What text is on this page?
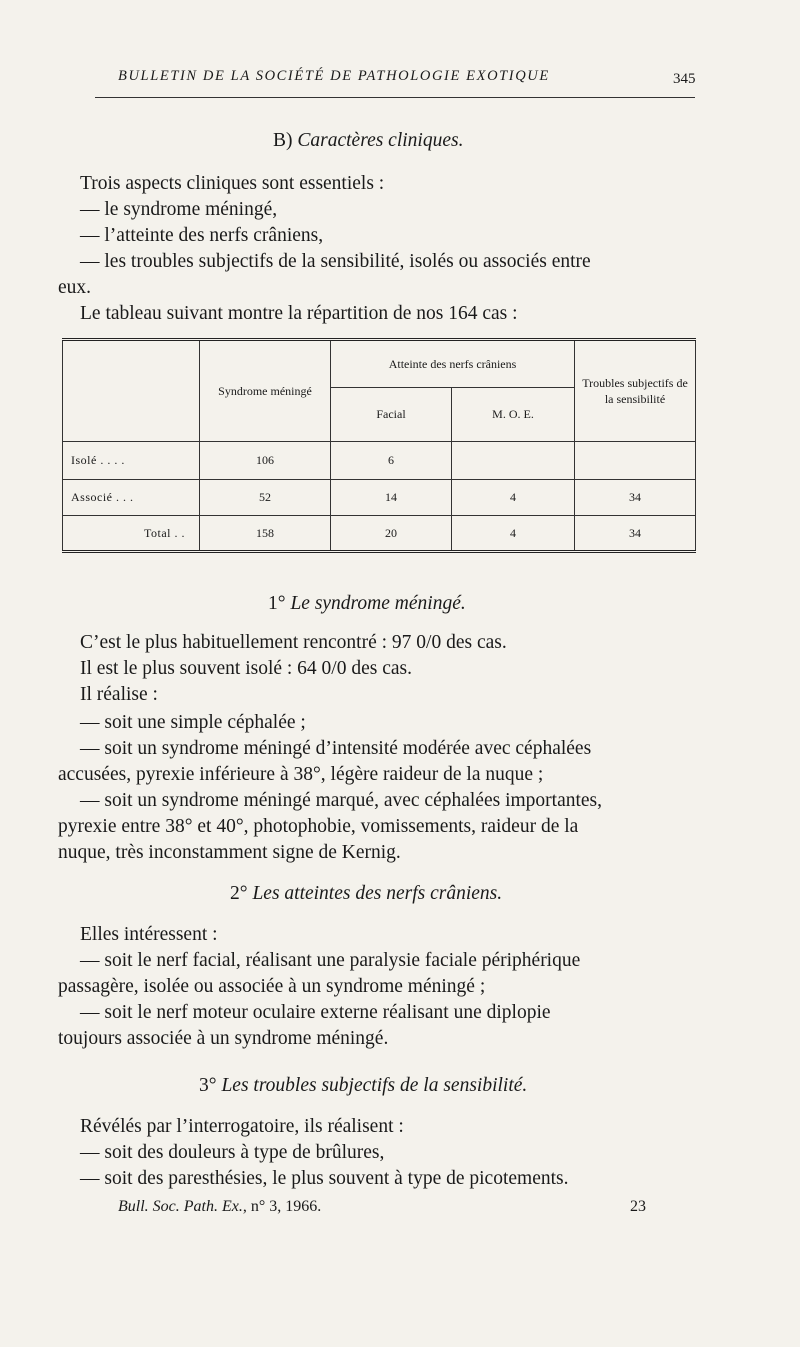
BULLETIN DE LA SOCIÉTÉ DE PATHOLOGIE EXOTIQUE	345
B) Caractères cliniques.
Trois aspects cliniques sont essentiels :
— le syndrome méningé,
— l’atteinte des nerfs crâniens,
— les troubles subjectifs de la sensibilité, isolés ou associés entre
eux.
Le tableau suivant montre la répartition de nos 164 cas :
	Syndrome méningé	Atteinte des nerfs crâniens		Troubles subjectifs de la sensibilité
		Facial	M. O. E.	
Isolé . . . .	106	6		
Associé . . .	52	14	4	34
Total . .	158	20	4	34
1° Le syndrome méningé.
C’est le plus habituellement rencontré : 97 0/0 des cas.
Il est le plus souvent isolé : 64 0/0 des cas.
Il réalise :
— soit une simple céphalée ;
— soit un syndrome méningé d’intensité modérée avec céphalées
accusées, pyrexie inférieure à 38°, légère raideur de la nuque ;
— soit un syndrome méningé marqué, avec céphalées importantes,
pyrexie entre 38° et 40°, photophobie, vomissements, raideur de la
nuque, très inconstamment signe de Kernig.
2° Les atteintes des nerfs crâniens.
Elles intéressent :
— soit le nerf facial, réalisant une paralysie faciale périphérique
passagère, isolée ou associée à un syndrome méningé ;
— soit le nerf moteur oculaire externe réalisant une diplopie
toujours associée à un syndrome méningé.
3° Les troubles subjectifs de la sensibilité.
Révélés par l’interrogatoire, ils réalisent :
— soit des douleurs à type de brûlures,
— soit des paresthésies, le plus souvent à type de picotements.
Bull. Soc. Path. Ex., n° 3, 1966.	23
